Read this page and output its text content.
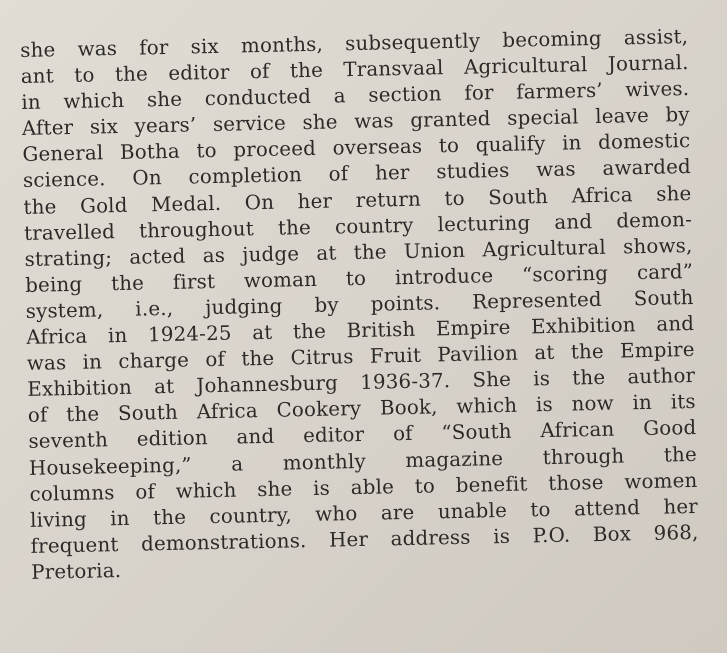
she was for six months, subsequently becoming assist,
ant to the editor of the Transvaal Agricultural Journal.
in which she conducted a section for farmers’ wives.
After six years’ service she was granted special leave by
General Botha to proceed overseas to qualify in domestic
science. On completion of her studies was awarded
the Gold Medal. On her return to South Africa she
travelled throughout the country lecturing and demon-
strating; acted as judge at the Union Agricultural shows,
being the first woman to introduce “scoring card”
system, i.e., judging by points. Represented South
Africa in 1924-25 at the British Empire Exhibition and
was in charge of the Citrus Fruit Pavilion at the Empire
Exhibition at Johannesburg 1936-37. She is the author
of the South Africa Cookery Book, which is now in its
seventh edition and editor of “South African Good
Housekeeping,” a monthly magazine through the
columns of which she is able to benefit those women
living in the country, who are unable to attend her
frequent demonstrations. Her address is P.O. Box 968,
Pretoria.
